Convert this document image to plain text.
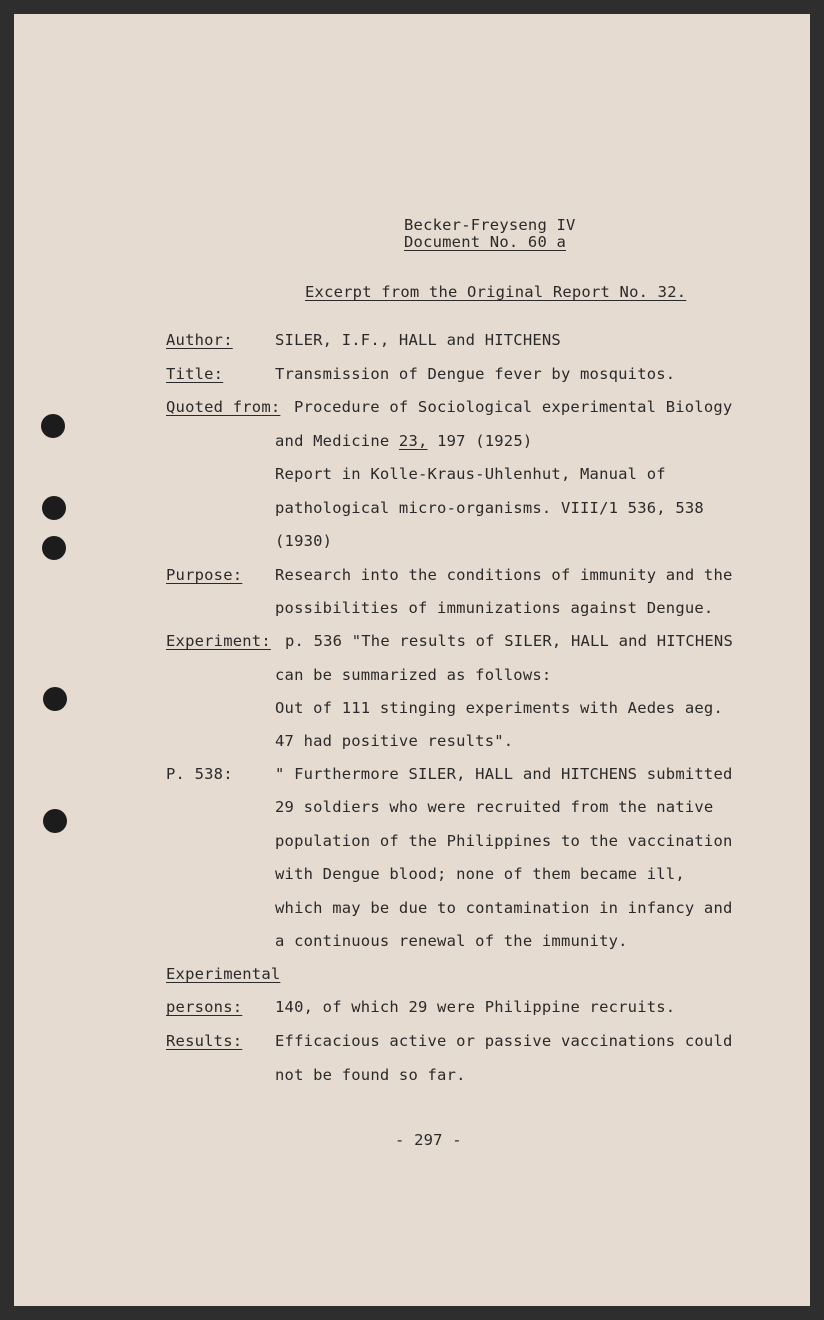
Becker-Freyseng IV
Document No. 60 a
Excerpt from the Original Report No. 32.
Author:	SILER, I.F., HALL and HITCHENS
Title:	Transmission of Dengue fever by mosquitos.
Quoted from: Procedure of Sociological experimental Biology
and Medicine 23, 197 (1925)
Report in Kolle-Kraus-Uhlenhut, Manual of
pathological micro-organisms. VIII/1 536, 538
(1930)
Purpose: Research into the conditions of immunity and the
possibilities of immunizations against Dengue.
Experiment: p. 536 "The results of SILER, HALL and HITCHENS
can be summarized as follows:
Out of 111 stinging experiments with Aedes aeg.
47 had positive results".
P. 538:	" Furthermore SILER, HALL and HITCHENS submitted
29 soldiers who were recruited from the native
population of the Philippines to the vaccination
with Dengue blood; none of them became ill,
which may be due to contamination in infancy and
a continuous renewal of the immunity.
Experimental
persons: 140, of which 29 were Philippine recruits.
Results: Efficacious active or passive vaccinations could
not be found so far.
- 297 -
